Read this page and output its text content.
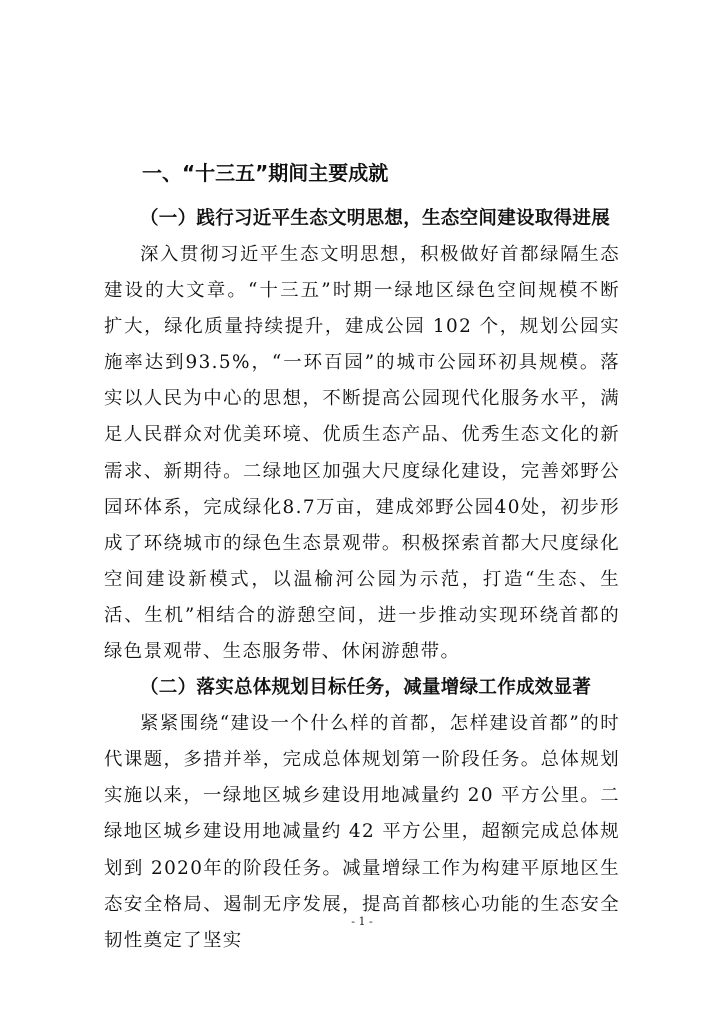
一、“十三五”期间主要成就
（一）践行习近平生态文明思想，生态空间建设取得进展

深入贯彻习近平生态文明思想，积极做好首都绿隔生态建设的大文章。“十三五”时期一绿地区绿色空间规模不断扩大，绿化质量持续提升，建成公园 102 个，规划公园实施率达到93.5%，“一环百园”的城市公园环初具规模。落实以人民为中心的思想，不断提高公园现代化服务水平，满足人民群众对优美环境、优质生态产品、优秀生态文化的新需求、新期待。二绿地区加强大尺度绿化建设，完善郊野公园环体系，完成绿化8.7万亩，建成郊野公园40处，初步形成了环绕城市的绿色生态景观带。积极探索首都大尺度绿化空间建设新模式，以温榆河公园为示范，打造“生态、生活、生机”相结合的游憩空间，进一步推动实现环绕首都的绿色景观带、生态服务带、休闲游憩带。

（二）落实总体规划目标任务，减量增绿工作成效显著

紧紧围绕“建设一个什么样的首都，怎样建设首都”的时代课题，多措并举，完成总体规划第一阶段任务。总体规划实施以来，一绿地区城乡建设用地减量约 20 平方公里。二绿地区城乡建设用地减量约 42 平方公里，超额完成总体规划到 2020年的阶段任务。减量增绿工作为构建平原地区生态安全格局、遏制无序发展，提高首都核心功能的生态安全韧性奠定了坚实

- 1 -
